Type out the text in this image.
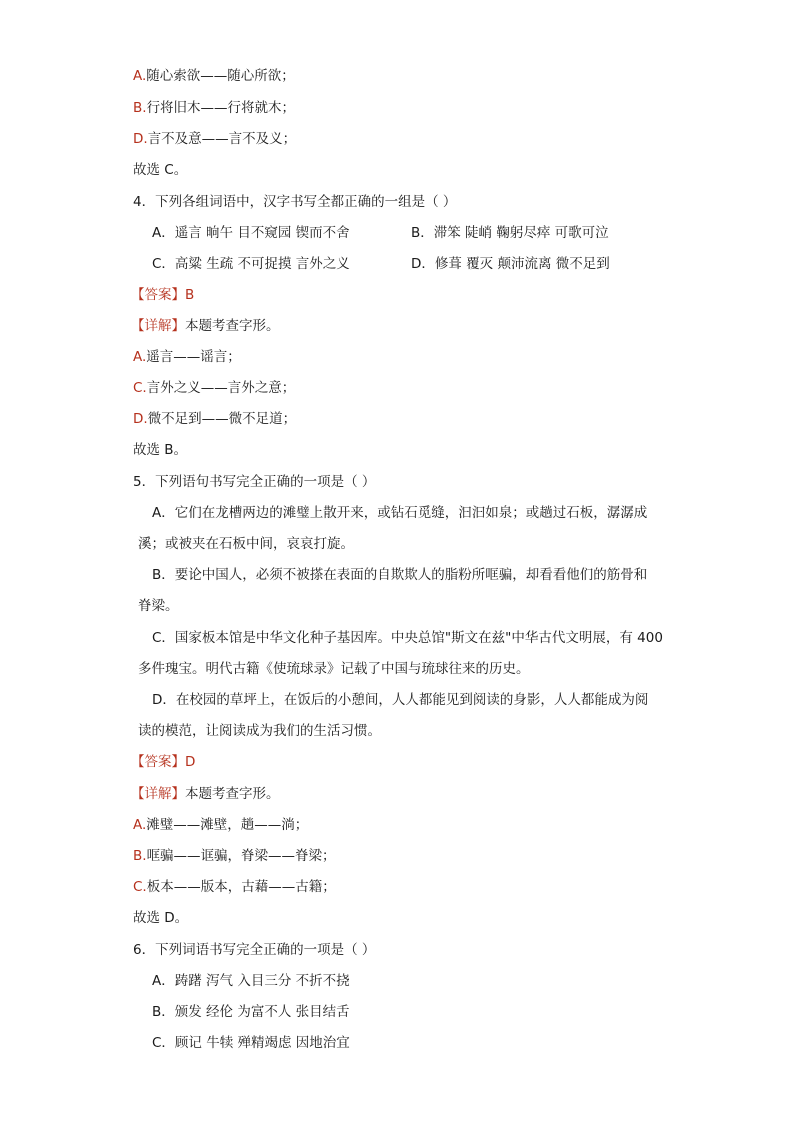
A.随心索欲——随心所欲；
B.行将旧木——行将就木；
D.言不及意——言不及义；
故选 C。
4．下列各组词语中，汉字书写全都正确的一组是（ ）
A．遥言 晌午 目不窥园 锲而不舍	B．滞笨 陡峭 鞠躬尽瘁 可歌可泣
C．高粱 生疏 不可捉摸 言外之义	D．修葺 覆灭 颠沛流离 微不足到
【答案】B
【详解】本题考查字形。
A.遥言——谣言；
C.言外之义——言外之意；
D.微不足到——微不足道；
故选 B。
5．下列语句书写完全正确的一项是（ ）
A．它们在龙槽两边的滩璧上散开来，或钻石觅缝，汩汩如泉；或趟过石板，潺潺成
溪；或被夹在石板中间，哀哀打旋。
B．要论中国人，必须不被搽在表面的自欺欺人的脂粉所哐骗，却看看他们的筋骨和
脊梁。
C．国家板本馆是中华文化种子基因库。中央总馆"斯文在兹"中华古代文明展，有 400
多件瑰宝。明代古籍《使琉球录》记载了中国与琉球往来的历史。
D．在校园的草坪上，在饭后的小憩间，人人都能见到阅读的身影，人人都能成为阅
读的模范，让阅读成为我们的生活习惯。
【答案】D
【详解】本题考查字形。
A.滩璧——滩壁，趟——淌；
B.哐骗——诓骗，脊梁——脊梁；
C.板本——版本，古藉——古籍；
故选 D。
6．下列词语书写完全正确的一项是（ ）
A．踌躇 泻气 入目三分 不折不挠
B．颁发 经伦 为富不人 张目结舌
C．顾记 牛犊 殚精竭虑 因地治宜
